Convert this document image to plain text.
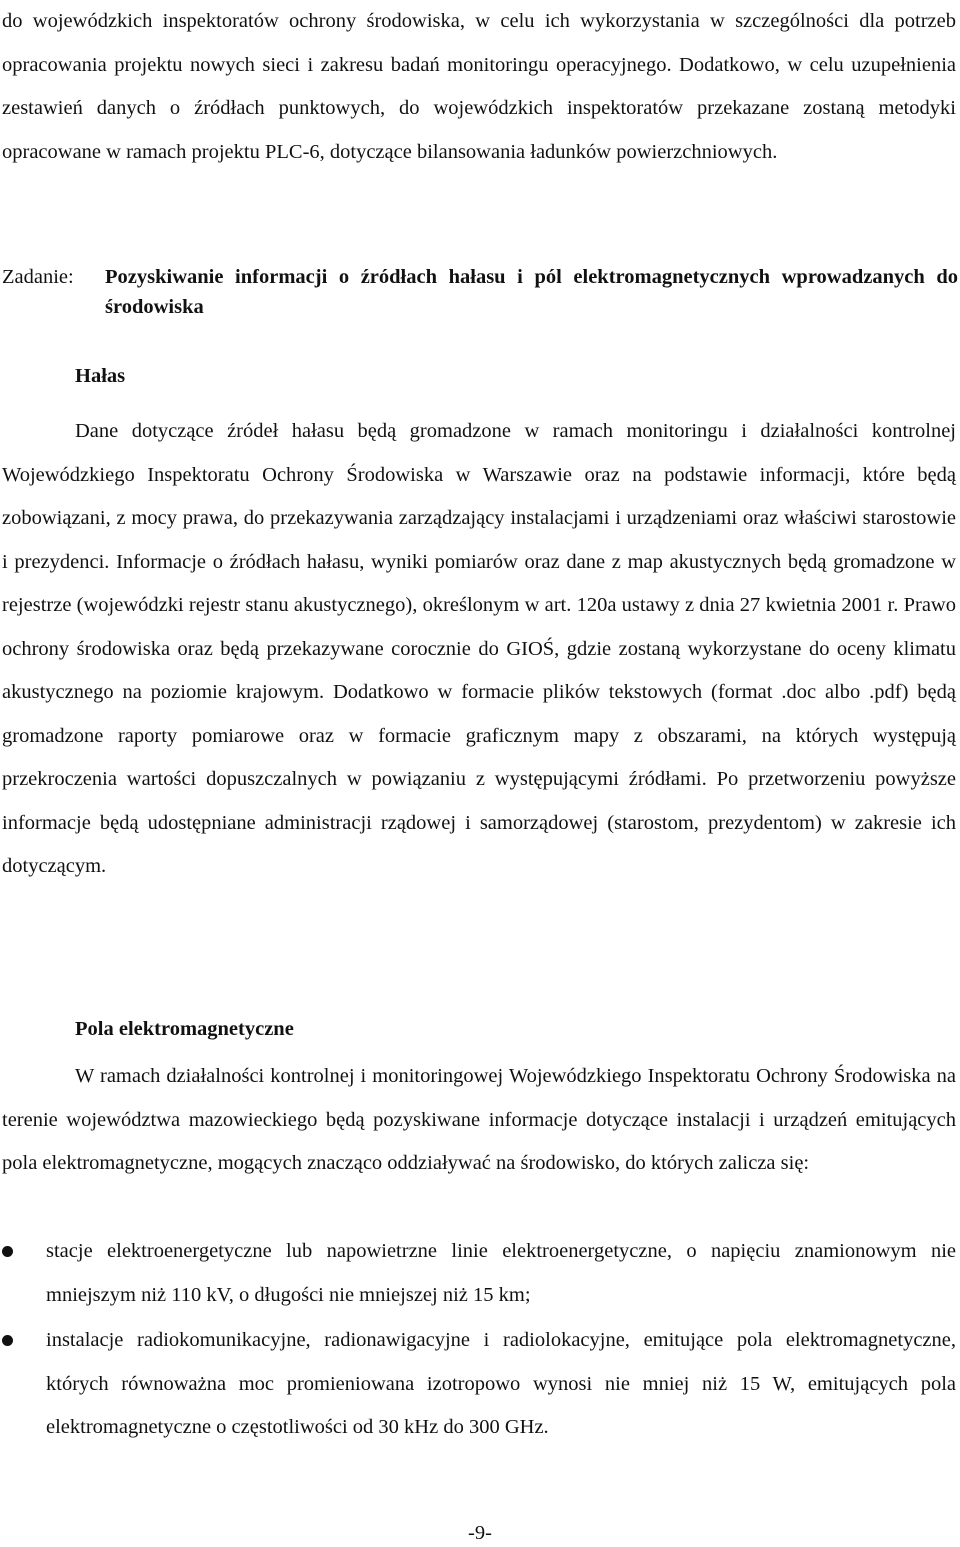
do wojewódzkich inspektoratów ochrony środowiska, w celu ich wykorzystania w szczególności dla potrzeb opracowania projektu nowych sieci i zakresu badań monitoringu operacyjnego. Dodatkowo, w celu uzupełnienia zestawień danych o źródłach punktowych, do wojewódzkich inspektoratów przekazane zostaną metodyki opracowane w ramach projektu PLC-6, dotyczące bilansowania ładunków powierzchniowych.

Zadanie: Pozyskiwanie informacji o źródłach hałasu i pól elektromagnetycznych wprowadzanych do środowiska
Hałas

Dane dotyczące źródeł hałasu będą gromadzone w ramach monitoringu i działalności kontrolnej Wojewódzkiego Inspektoratu Ochrony Środowiska w Warszawie oraz na podstawie informacji, które będą zobowiązani, z mocy prawa, do przekazywania zarządzający instalacjami i urządzeniami oraz właściwi starostowie i prezydenci. Informacje o źródłach hałasu, wyniki pomiarów oraz dane z map akustycznych będą gromadzone w rejestrze (wojewódzki rejestr stanu akustycznego), określonym w art. 120a ustawy z dnia 27 kwietnia 2001 r. Prawo ochrony środowiska oraz będą przekazywane corocznie do GIOŚ, gdzie zostaną wykorzystane do oceny klimatu akustycznego na poziomie krajowym. Dodatkowo w formacie plików tekstowych (format .doc albo .pdf) będą gromadzone raporty pomiarowe oraz w formacie graficznym mapy z obszarami, na których występują przekroczenia wartości dopuszczalnych w powiązaniu z występującymi źródłami. Po przetworzeniu powyższe informacje będą udostępniane administracji rządowej i samorządowej (starostom, prezydentom) w zakresie ich dotyczącym.

Pola elektromagnetyczne

W ramach działalności kontrolnej i monitoringowej Wojewódzkiego Inspektoratu Ochrony Środowiska na terenie województwa mazowieckiego będą pozyskiwane informacje dotyczące instalacji i urządzeń emitujących pola elektromagnetyczne, mogących znacząco oddziaływać na środowisko, do których zalicza się:

stacje elektroenergetyczne lub napowietrzne linie elektroenergetyczne, o napięciu znamionowym nie mniejszym niż 110 kV, o długości nie mniejszej niż 15 km;
instalacje radiokomunikacyjne, radionawigacyjne i radiolokacyjne, emitujące pola elektromagnetyczne, których równoważna moc promieniowana izotropowo wynosi nie mniej niż 15 W, emitujących pola elektromagnetyczne o częstotliwości od 30 kHz do 300 GHz.
-9-
